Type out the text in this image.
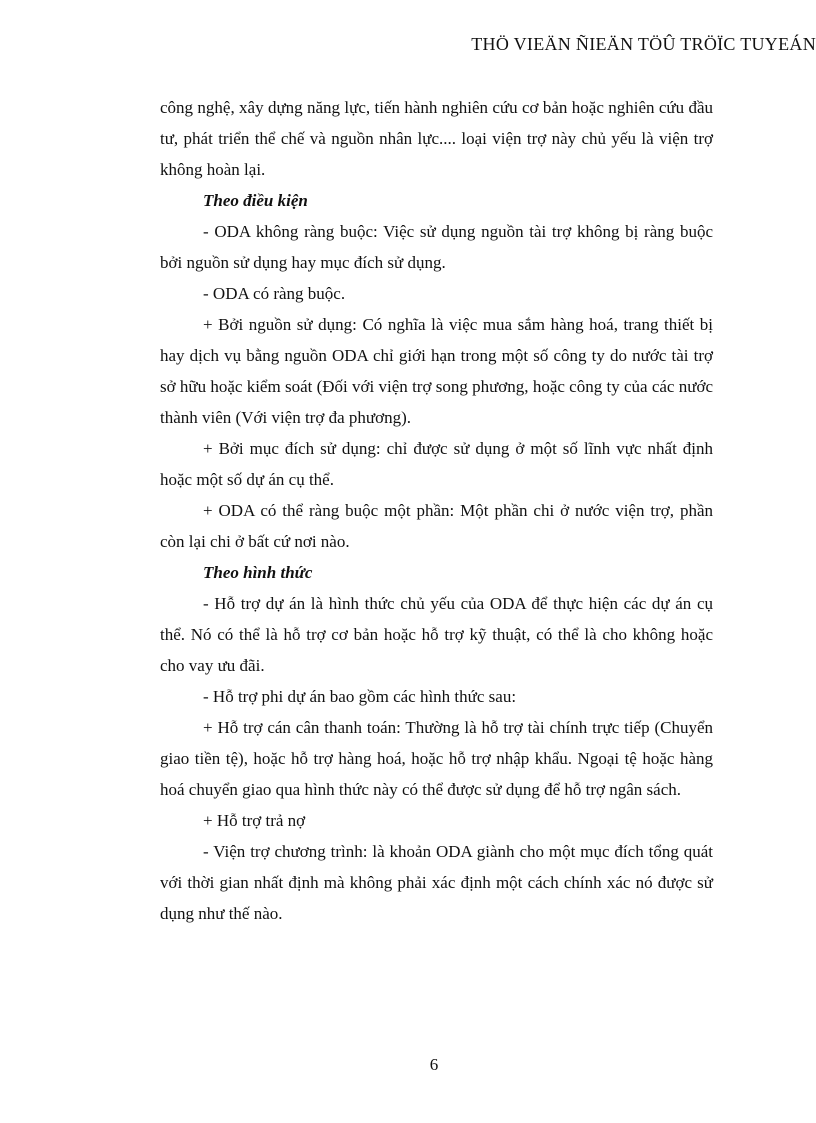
THÖ VIEÄN ÑIEÄN TÖÛ TRÖÏC TUYEÁN

công nghệ, xây dựng năng lực, tiến hành nghiên cứu cơ bản hoặc nghiên cứu đầu tư, phát triển thể chế và nguồn nhân lực.... loại viện trợ này chủ yếu là viện trợ không hoàn lại.

Theo điều kiện

- ODA không ràng buộc: Việc sử dụng nguồn tài trợ không bị ràng buộc bởi nguồn sử dụng hay mục đích sử dụng.

- ODA có ràng buộc.

+ Bởi nguồn sử dụng: Có nghĩa là việc mua sắm hàng hoá, trang thiết bị hay dịch vụ bằng nguồn ODA chỉ giới hạn trong một số công ty do nước tài trợ sở hữu hoặc kiểm soát (Đối với viện trợ song phương, hoặc công ty của các nước thành viên (Với viện trợ đa phương).

+ Bởi mục đích sử dụng: chỉ được sử dụng ở một số lĩnh vực nhất định hoặc một số dự án cụ thể.

+ ODA có thể ràng buộc một phần: Một phần chi ở nước viện trợ, phần còn lại chi ở bất cứ nơi nào.

Theo hình thức

- Hỗ trợ dự án là hình thức chủ yếu của ODA để thực hiện các dự án cụ thể. Nó có thể là hỗ trợ cơ bản hoặc hỗ trợ kỹ thuật, có thể là cho không hoặc cho vay ưu đãi.

- Hỗ trợ phi dự án bao gồm các hình thức sau:

+ Hỗ trợ cán cân thanh toán: Thường là hỗ trợ tài chính trực tiếp (Chuyển giao tiền tệ), hoặc hỗ trợ hàng hoá, hoặc hỗ trợ nhập khẩu. Ngoại tệ hoặc hàng hoá chuyển giao qua hình thức này có thể được sử dụng để hỗ trợ ngân sách.

+ Hỗ trợ trả nợ

- Viện trợ chương trình: là khoản ODA giành cho một mục đích tổng quát với thời gian nhất định mà không phải xác định một cách chính xác nó được sử dụng như thế nào.

6
